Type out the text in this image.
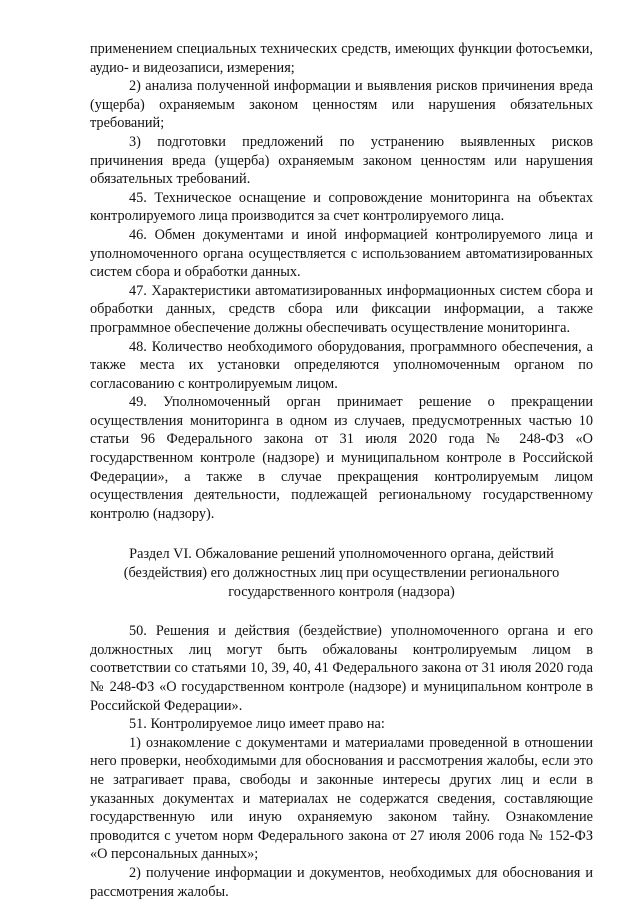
применением специальных технических средств, имеющих функции фотосъемки, аудио- и видеозаписи, измерения;

2) анализа полученной информации и выявления рисков причинения вреда (ущерба) охраняемым законом ценностям или нарушения обязательных требований;

3) подготовки предложений по устранению выявленных рисков причинения вреда (ущерба) охраняемым законом ценностям или нарушения обязательных требований.

45. Техническое оснащение и сопровождение мониторинга на объектах контролируемого лица производится за счет контролируемого лица.

46. Обмен документами и иной информацией контролируемого лица и уполномоченного органа осуществляется с использованием автоматизированных систем сбора и обработки данных.

47. Характеристики автоматизированных информационных систем сбора и обработки данных, средств сбора или фиксации информации, а также программное обеспечение должны обеспечивать осуществление мониторинга.

48. Количество необходимого оборудования, программного обеспечения, а также места их установки определяются уполномоченным органом по согласованию с контролируемым лицом.

49. Уполномоченный орган принимает решение о прекращении осуществления мониторинга в одном из случаев, предусмотренных частью 10 статьи 96 Федерального закона от 31 июля 2020 года № 248-ФЗ «О государственном контроле (надзоре) и муниципальном контроле в Российской Федерации», а также в случае прекращения контролируемым лицом осуществления деятельности, подлежащей региональному государственному контролю (надзору).

Раздел VI. Обжалование решений уполномоченного органа, действий
(бездействия) его должностных лиц при осуществлении регионального
государственного контроля (надзора)

50. Решения и действия (бездействие) уполномоченного органа и его должностных лиц могут быть обжалованы контролируемым лицом в соответствии со статьями 10, 39, 40, 41 Федерального закона от 31 июля 2020 года № 248-ФЗ «О государственном контроле (надзоре) и муниципальном контроле в Российской Федерации».

51. Контролируемое лицо имеет право на:

1) ознакомление с документами и материалами проведенной в отношении него проверки, необходимыми для обоснования и рассмотрения жалобы, если это не затрагивает права, свободы и законные интересы других лиц и если в указанных документах и материалах не содержатся сведения, составляющие государственную или иную охраняемую законом тайну. Ознакомление проводится с учетом норм Федерального закона от 27 июля 2006 года № 152-ФЗ «О персональных данных»;

2) получение информации и документов, необходимых для обоснования и рассмотрения жалобы.
